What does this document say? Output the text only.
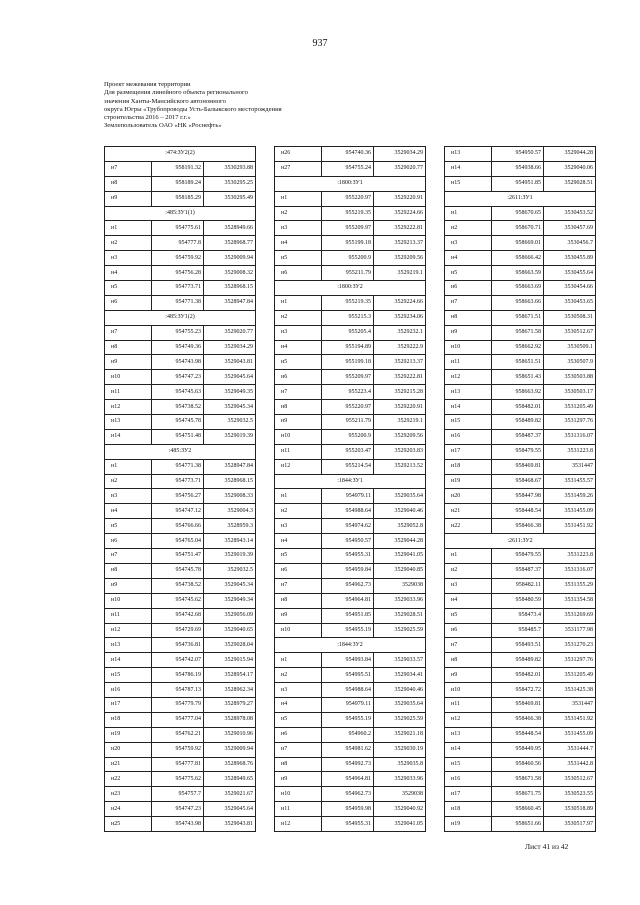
937
Проект межевания территории
Для размещения линейного объекта регионального
значения Ханты-Мансийского автономного
округа Югры «Трубопроводы Усть-Балыкского месторождения
строительства 2016 – 2017 г.г.»
Землепользователь ОАО «НК «Роснефть»
:474:ЗУ2(2)		
н7	958191.32	3530293.88
н8	958189.24	3530295.25
н9	958185.29	3530295.49
:485:ЗУ1(1)		
н1	954775.61	3528949.66
н2	954777.8	3528968.77
н3	954759.92	3529009.94
н4	954756.28	3529008.32
н5	954773.71	3528968.15
н6	954771.38	3528947.84
:485:ЗУ1(2)		
н7	954755.23	3529020.77
н8	954749.36	3529034.29
н9	954743.98	3529043.81
н10	954747.23	3529045.64
н11	954745.63	3529049.35
н12	954738.52	3529045.34
н13	954745.78	3529032.5
н14	954751.48	3529019.39
:485:ЗУ2		
н1	954771.38	3528947.84
н2	954773.71	3528968.15
н3	954756.27	3529008.33
н4	954747.12	3529004.3
н5	954766.66	3528959.3
н6	954765.04	3528943.14
н7	954751.47	3529019.39
н8	954745.78	3529032.5
н9	954738.52	3529045.34
н10	954745.62	3529049.34
н11	954742.68	3529056.09
н12	954729.69	3529040.65
н13	954736.81	3529028.04
н14	954742.07	3529015.94
н15	954786.19	3528954.17
н16	954787.13	3528962.34
н17	954779.79	3528979.27
н18	954777.04	3528978.08
н19	954762.21	3529010.96
н20	954759.92	3529009.94
н21	954777.81	3528968.76
н22	954775.62	3528949.65
н23	954757.7	3529021.67
н24	954747.23	3529045.64
н25	954743.98	3529043.81
н26	954740.36	3529034.29
н27	954755.24	3529020.77
:1800:ЗУ1		
н1	955220.97	3529220.91
н2	955219.35	3529224.66
н3	955209.97	3529222.81
н4	955199.18	3529213.37
н5	955200.9	3529209.56
н6	955211.79	3529219.1
:1800:ЗУ2		
н1	955219.35	3529224.66
н2	955215.3	3529234.06
н3	955205.4	3529232.1
н4	955194.89	3529222.9
н5	955199.18	3529213.37
н6	955209.97	3529222.81
н7	955223.4	3529215.28
н8	955220.97	3529220.91
н9	955211.79	3529219.1
н10	955200.9	3529209.56
н11	955203.47	3529203.83
н12	955214.54	3529213.52
:1844:ЗУ1		
н1	954979.11	3529035.64
н2	954988.64	3529040.46
н3	954974.62	3529052.8
н4	954950.57	3529044.28
н5	954955.31	3529041.05
н6	954959.84	3529040.85
н7	954962.73	3529038
н8	954964.81	3529033.96
н9	954951.85	3529028.51
н10	954955.19	3529025.59
:1844:ЗУ2		
н1	954993.84	3529033.57
н2	954995.51	3529034.41
н3	954988.64	3529040.46
н4	954979.11	3529035.64
н5	954955.19	3529025.59
н6	954960.2	3529021.18
н7	954981.62	3529030.19
н8	954992.73	3529035.8
н9	954964.81	3529033.96
н10	954962.73	3529038
н11	954959.98	3529040.92
н12	954955.31	3529041.05
н13	954950.57	3529044.28
н14	954938.66	3529040.06
н15	954951.85	3529028.51
:2611:ЗУ1		
н1	958670.65	3530453.52
н2	958670.71	3530457.69
н3	958669.01	3530456.7
н4	958666.42	3530455.89
н5	958663.59	3530455.64
н6	958663.69	3530454.66
н7	958663.66	3530453.65
н8	958671.51	3530508.31
н9	958671.58	3530512.67
н10	958662.92	3530509.1
н11	958651.51	3530507.9
н12	958651.43	3530503.88
н13	958663.92	3530503.17
н14	958482.01	3531205.49
н15	958489.82	3531297.76
н16	958487.37	3531316.07
н17	958479.55	3531223.8
н18	958469.81	3531447
н19	958468.67	3531455.57
н20	958447.98	3531459.26
н21	958448.54	3531455.09
н22	958466.38	3531451.92
:2611:ЗУ2		
н1	958479.55	3531223.8
н2	958487.37	3531316.07
н3	958482.11	3531355.29
н4	958480.59	3531354.58
н5	958473.4	3531269.69
н6	958485.7	3531177.98
н7	958493.51	3531270.23
н8	958489.82	3531297.76
н9	958482.01	3531205.49
н10	958472.72	3531425.38
н11	958469.81	3531447
н12	958466.38	3531451.92
н13	958448.54	3531455.09
н14	958449.95	3531444.7
н15	958460.56	3531442.8
н16	958671.58	3530512.67
н17	958671.75	3530523.55
н18	958660.45	3530518.89
н19	958651.66	3530517.97
Лист 41 из 42
